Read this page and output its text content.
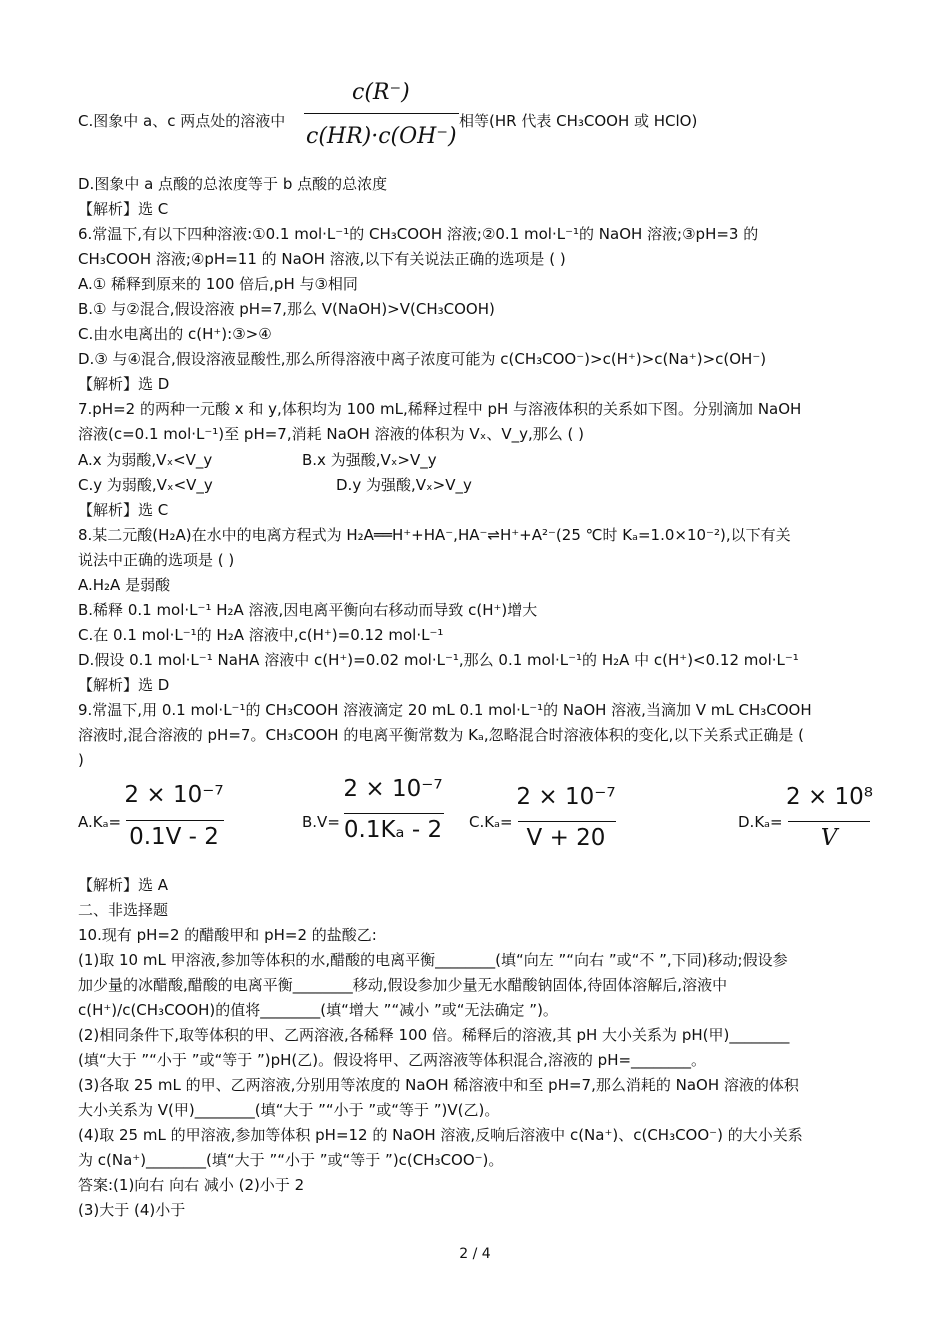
C.图象中 a、c 两点处的溶液中
c(R⁻)
c(HR)·c(OH⁻)
相等(HR 代表 CH₃COOH 或 HClO)
D.图象中 a 点酸的总浓度等于 b 点酸的总浓度
【解析】选 C
6.常温下,有以下四种溶液:①0.1 mol·L⁻¹的 CH₃COOH 溶液;②0.1 mol·L⁻¹的 NaOH 溶液;③pH=3 的
CH₃COOH 溶液;④pH=11 的 NaOH 溶液,以下有关说法正确的选项是 ( )
A.① 稀释到原来的 100 倍后,pH 与③相同
B.① 与②混合,假设溶液 pH=7,那么 V(NaOH)>V(CH₃COOH)
C.由水电离出的 c(H⁺):③>④
D.③ 与④混合,假设溶液显酸性,那么所得溶液中离子浓度可能为 c(CH₃COO⁻)>c(H⁺)>c(Na⁺)>c(OH⁻)
【解析】选 D
7.pH=2 的两种一元酸 x 和 y,体积均为 100 mL,稀释过程中 pH 与溶液体积的关系如下图。分别滴加 NaOH
溶液(c=0.1 mol·L⁻¹)至 pH=7,消耗 NaOH 溶液的体积为 Vₓ、V_y,那么 ( )
A.x 为弱酸,Vₓ<V_y	B.x 为强酸,Vₓ>V_y
C.y 为弱酸,Vₓ<V_y	D.y 为强酸,Vₓ>V_y
【解析】选 C
8.某二元酸(H₂A)在水中的电离方程式为 H₂A══H⁺+HA⁻,HA⁻⇌H⁺+A²⁻(25 ℃时 Kₐ=1.0×10⁻²),以下有关
说法中正确的选项是 ( )
A.H₂A 是弱酸
B.稀释 0.1 mol·L⁻¹ H₂A 溶液,因电离平衡向右移动而导致 c(H⁺)增大
C.在 0.1 mol·L⁻¹的 H₂A 溶液中,c(H⁺)=0.12 mol·L⁻¹
D.假设 0.1 mol·L⁻¹ NaHA 溶液中 c(H⁺)=0.02 mol·L⁻¹,那么 0.1 mol·L⁻¹的 H₂A 中 c(H⁺)<0.12 mol·L⁻¹
【解析】选 D
9.常温下,用 0.1 mol·L⁻¹的 CH₃COOH 溶液滴定 20 mL 0.1 mol·L⁻¹的 NaOH 溶液,当滴加 V mL CH₃COOH
溶液时,混合溶液的 pH=7。CH₃COOH 的电离平衡常数为 Kₐ,忽略混合时溶液体积的变化,以下关系式正确是 (
)
A.Kₐ=
2 × 10⁻⁷
0.1V - 2
B.V=
2 × 10⁻⁷
0.1Kₐ - 2 C.Kₐ=
2 × 10⁻⁷
V + 20
D.Kₐ=
2 × 10⁸
V
【解析】选 A
二、非选择题
10.现有 pH=2 的醋酸甲和 pH=2 的盐酸乙:
(1)取 10 mL 甲溶液,参加等体积的水,醋酸的电离平衡________(填“向左 ”“向右 ”或“不 ”,下同)移动;假设参
加少量的冰醋酸,醋酸的电离平衡________移动,假设参加少量无水醋酸钠固体,待固体溶解后,溶液中
c(H⁺)/c(CH₃COOH)的值将________(填“增大 ”“减小 ”或“无法确定 ”)。
(2)相同条件下,取等体积的甲、乙两溶液,各稀释 100 倍。稀释后的溶液,其 pH 大小关系为 pH(甲)________
(填“大于 ”“小于 ”或“等于 ”)pH(乙)。假设将甲、乙两溶液等体积混合,溶液的 pH=________。
(3)各取 25 mL 的甲、乙两溶液,分别用等浓度的 NaOH 稀溶液中和至 pH=7,那么消耗的 NaOH 溶液的体积
大小关系为 V(甲)________(填“大于 ”“小于 ”或“等于 ”)V(乙)。
(4)取 25 mL 的甲溶液,参加等体积 pH=12 的 NaOH 溶液,反响后溶液中 c(Na⁺)、c(CH₃COO⁻) 的大小关系
为 c(Na⁺)________(填“大于 ”“小于 ”或“等于 ”)c(CH₃COO⁻)。
答案:(1)向右 向右 减小 (2)小于 2
(3)大于 (4)小于
2 / 4
